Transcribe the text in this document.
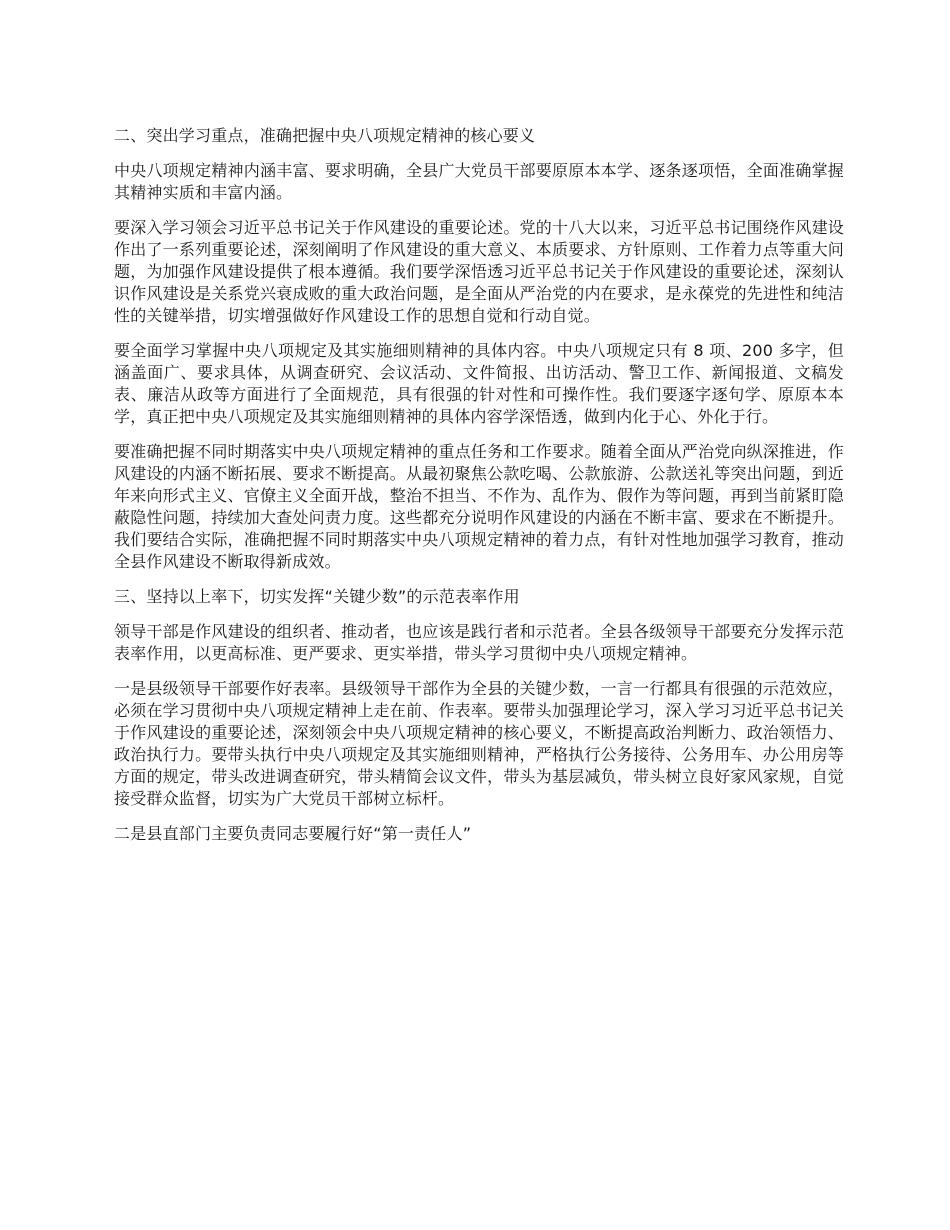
二、突出学习重点，准确把握中央八项规定精神的核心要义

中央八项规定精神内涵丰富、要求明确，全县广大党员干部要原原本本学、逐条逐项悟，全面准确掌握其精神实质和丰富内涵。

要深入学习领会习近平总书记关于作风建设的重要论述。党的十八大以来，习近平总书记围绕作风建设作出了一系列重要论述，深刻阐明了作风建设的重大意义、本质要求、方针原则、工作着力点等重大问题，为加强作风建设提供了根本遵循。我们要学深悟透习近平总书记关于作风建设的重要论述，深刻认识作风建设是关系党兴衰成败的重大政治问题，是全面从严治党的内在要求，是永葆党的先进性和纯洁性的关键举措，切实增强做好作风建设工作的思想自觉和行动自觉。

要全面学习掌握中央八项规定及其实施细则精神的具体内容。中央八项规定只有 8 项、200 多字，但涵盖面广、要求具体，从调查研究、会议活动、文件简报、出访活动、警卫工作、新闻报道、文稿发表、廉洁从政等方面进行了全面规范，具有很强的针对性和可操作性。我们要逐字逐句学、原原本本学，真正把中央八项规定及其实施细则精神的具体内容学深悟透，做到内化于心、外化于行。

要准确把握不同时期落实中央八项规定精神的重点任务和工作要求。随着全面从严治党向纵深推进，作风建设的内涵不断拓展、要求不断提高。从最初聚焦公款吃喝、公款旅游、公款送礼等突出问题，到近年来向形式主义、官僚主义全面开战，整治不担当、不作为、乱作为、假作为等问题，再到当前紧盯隐蔽隐性问题，持续加大查处问责力度。这些都充分说明作风建设的内涵在不断丰富、要求在不断提升。我们要结合实际，准确把握不同时期落实中央八项规定精神的着力点，有针对性地加强学习教育，推动全县作风建设不断取得新成效。

三、坚持以上率下，切实发挥“关键少数”的示范表率作用

领导干部是作风建设的组织者、推动者，也应该是践行者和示范者。全县各级领导干部要充分发挥示范表率作用，以更高标准、更严要求、更实举措，带头学习贯彻中央八项规定精神。

一是县级领导干部要作好表率。县级领导干部作为全县的关键少数，一言一行都具有很强的示范效应，必须在学习贯彻中央八项规定精神上走在前、作表率。要带头加强理论学习，深入学习习近平总书记关于作风建设的重要论述，深刻领会中央八项规定精神的核心要义，不断提高政治判断力、政治领悟力、政治执行力。要带头执行中央八项规定及其实施细则精神，严格执行公务接待、公务用车、办公用房等方面的规定，带头改进调查研究，带头精简会议文件，带头为基层减负，带头树立良好家风家规，自觉接受群众监督，切实为广大党员干部树立标杆。

二是县直部门主要负责同志要履行好“第一责任人”
